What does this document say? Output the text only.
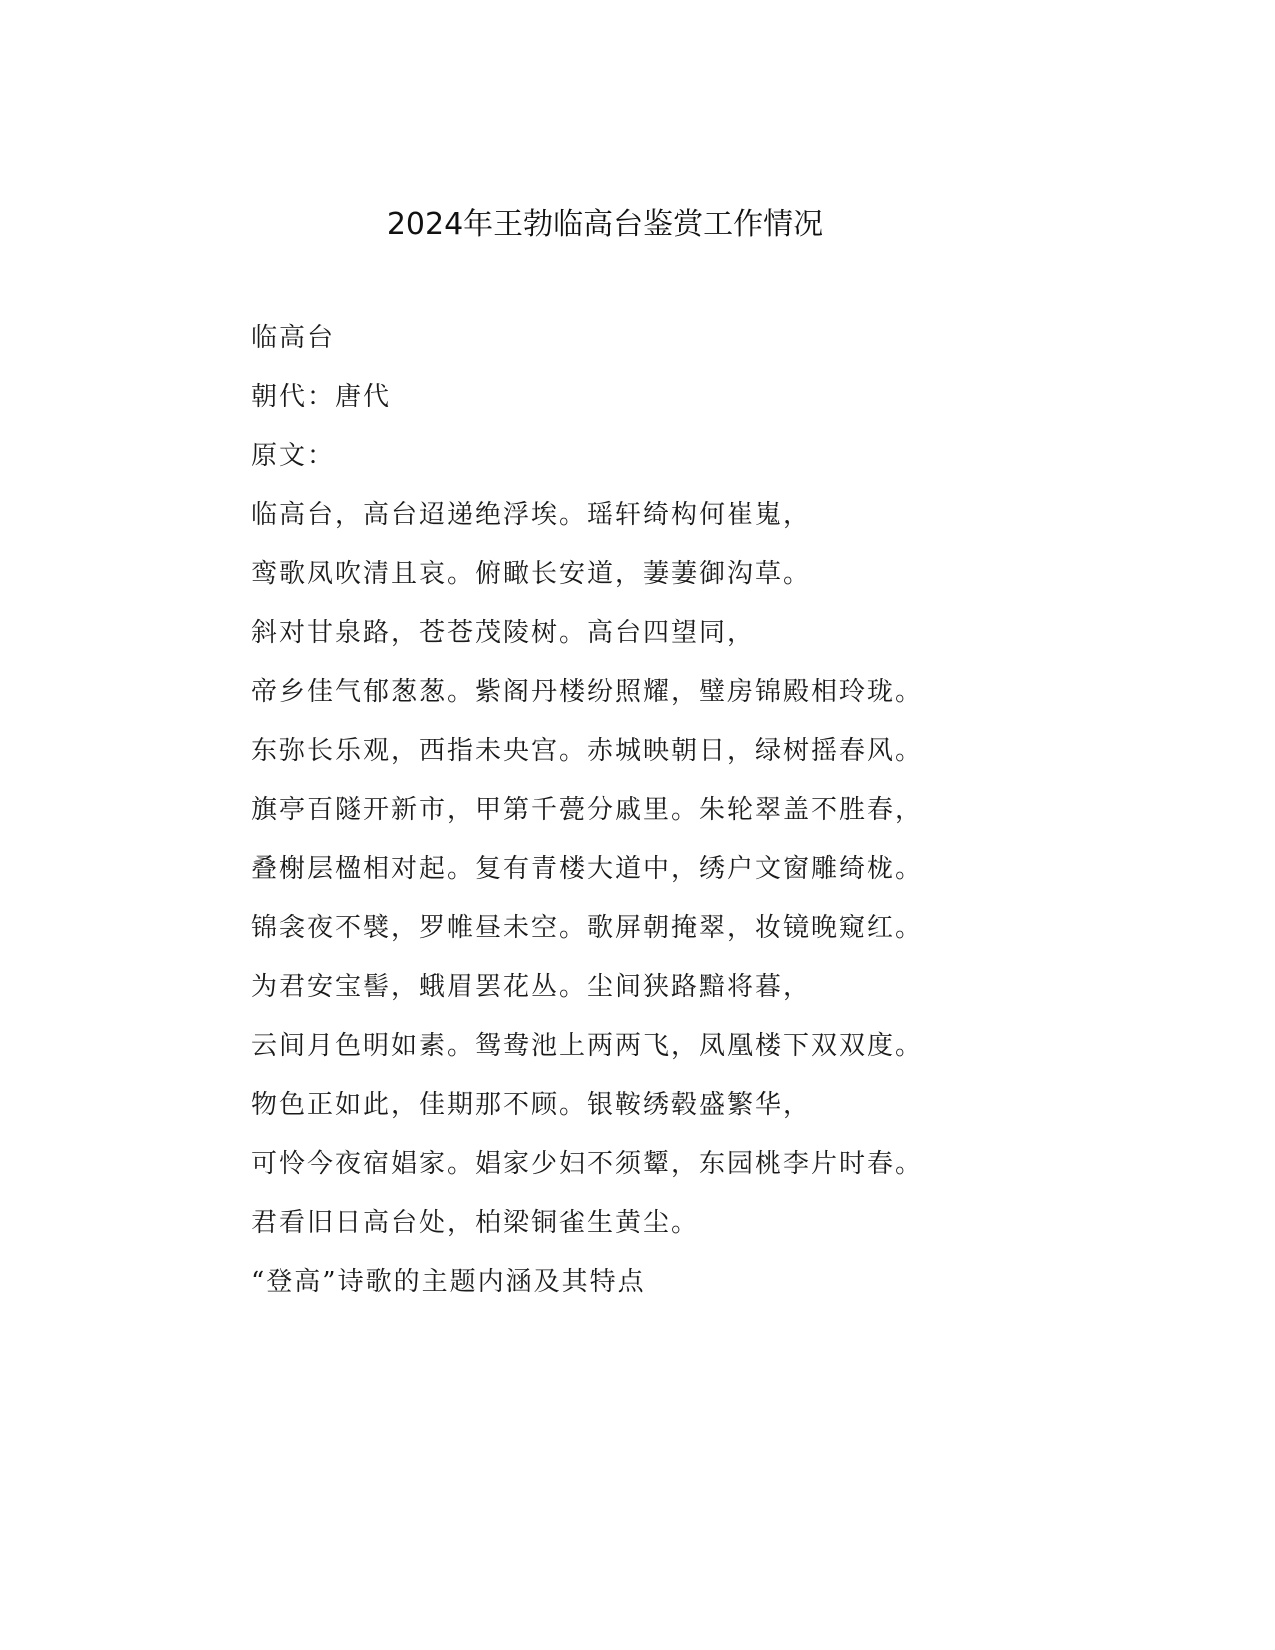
2024年王勃临高台鉴赏工作情况

临高台

朝代：唐代

原文：

临高台，高台迢递绝浮埃。瑶轩绮构何崔嵬，

鸾歌凤吹清且哀。俯瞰长安道，萋萋御沟草。

斜对甘泉路，苍苍茂陵树。高台四望同，

帝乡佳气郁葱葱。紫阁丹楼纷照耀，璧房锦殿相玲珑。

东弥长乐观，西指未央宫。赤城映朝日，绿树摇春风。

旗亭百隧开新市，甲第千甍分戚里。朱轮翠盖不胜春，

叠榭层楹相对起。复有青楼大道中，绣户文窗雕绮栊。

锦衾夜不襞，罗帷昼未空。歌屏朝掩翠，妆镜晚窥红。

为君安宝髻，蛾眉罢花丛。尘间狭路黯将暮，

云间月色明如素。鸳鸯池上两两飞，凤凰楼下双双度。

物色正如此，佳期那不顾。银鞍绣毂盛繁华，

可怜今夜宿娼家。娼家少妇不须颦，东园桃李片时春。

君看旧日高台处，柏梁铜雀生黄尘。

“登高”诗歌的主题内涵及其特点
